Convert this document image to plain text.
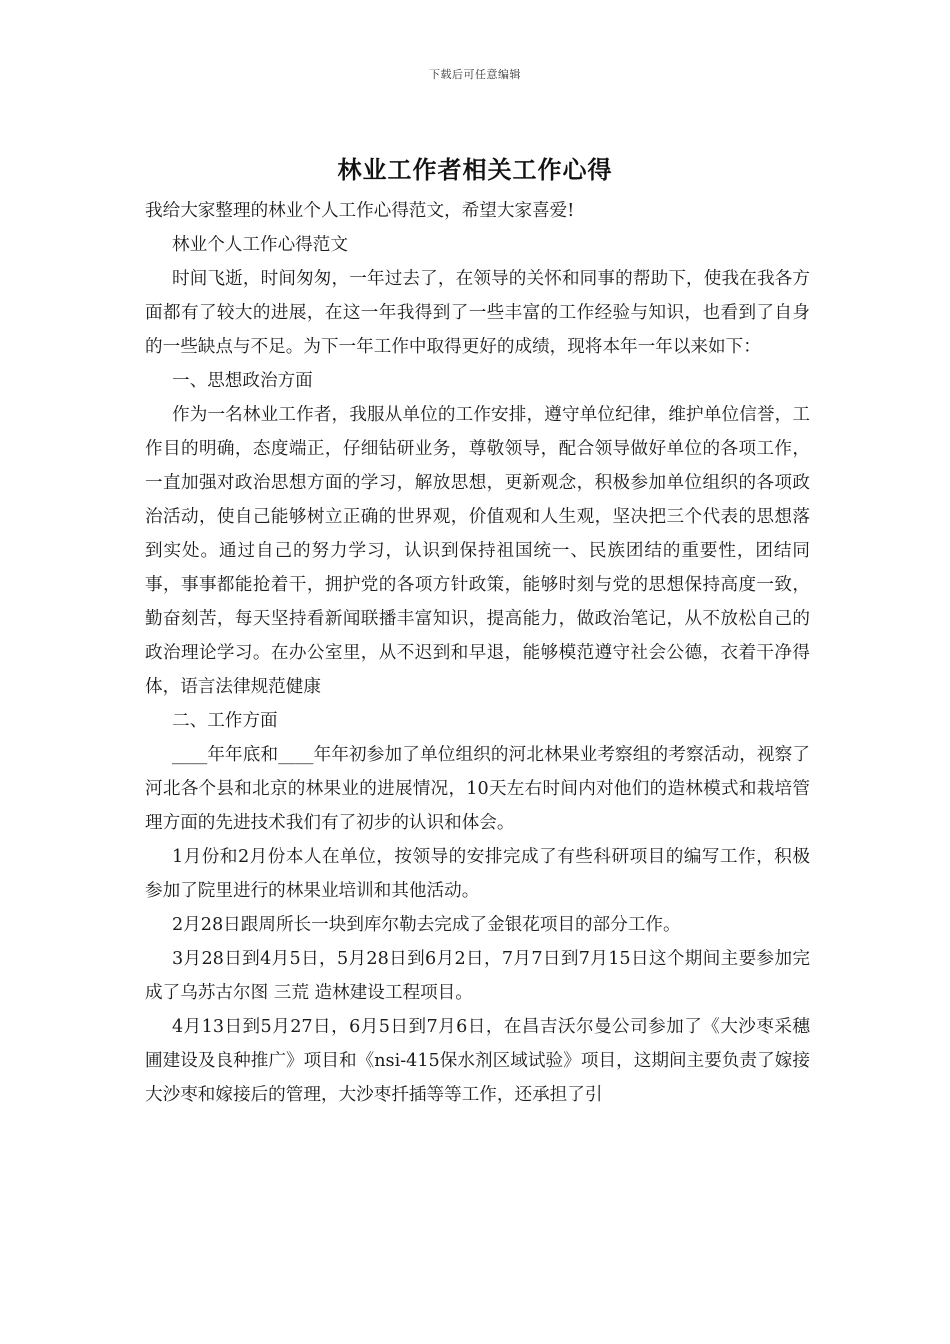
下载后可任意编辑
林业工作者相关工作心得

我给大家整理的林业个人工作心得范文，希望大家喜爱!

林业个人工作心得范文

时间飞逝，时间匆匆，一年过去了，在领导的关怀和同事的帮助下，使我在我各方面都有了较大的进展，在这一年我得到了一些丰富的工作经验与知识，也看到了自身的一些缺点与不足。为下一年工作中取得更好的成绩，现将本年一年以来如下：

一、思想政治方面

作为一名林业工作者，我服从单位的工作安排，遵守单位纪律，维护单位信誉，工作目的明确，态度端正，仔细钻研业务，尊敬领导，配合领导做好单位的各项工作，一直加强对政治思想方面的学习，解放思想，更新观念，积极参加单位组织的各项政治活动，使自己能够树立正确的世界观，价值观和人生观，坚决把三个代表的思想落到实处。通过自己的努力学习，认识到保持祖国统一、民族团结的重要性，团结同事，事事都能抢着干，拥护党的各项方针政策，能够时刻与党的思想保持高度一致，勤奋刻苦，每天坚持看新闻联播丰富知识，提高能力，做政治笔记，从不放松自己的政治理论学习。在办公室里，从不迟到和早退，能够模范遵守社会公德，衣着干净得体，语言法律规范健康

二、工作方面

____年年底和____年年初参加了单位组织的河北林果业考察组的考察活动，视察了河北各个县和北京的林果业的进展情况，10天左右时间内对他们的造林模式和栽培管理方面的先进技术我们有了初步的认识和体会。

1月份和2月份本人在单位，按领导的安排完成了有些科研项目的编写工作，积极参加了院里进行的林果业培训和其他活动。

2月28日跟周所长一块到库尔勒去完成了金银花项目的部分工作。

3月28日到4月5日，5月28日到6月2日，7月7日到7月15日这个期间主要参加完成了乌苏古尔图 三荒 造林建设工程项目。

4月13日到5月27日，6月5日到7月6日，在昌吉沃尔曼公司参加了《大沙枣采穗圃建设及良种推广》项目和《nsi-415保水剂区域试验》项目，这期间主要负责了嫁接大沙枣和嫁接后的管理，大沙枣扦插等等工作，还承担了引
